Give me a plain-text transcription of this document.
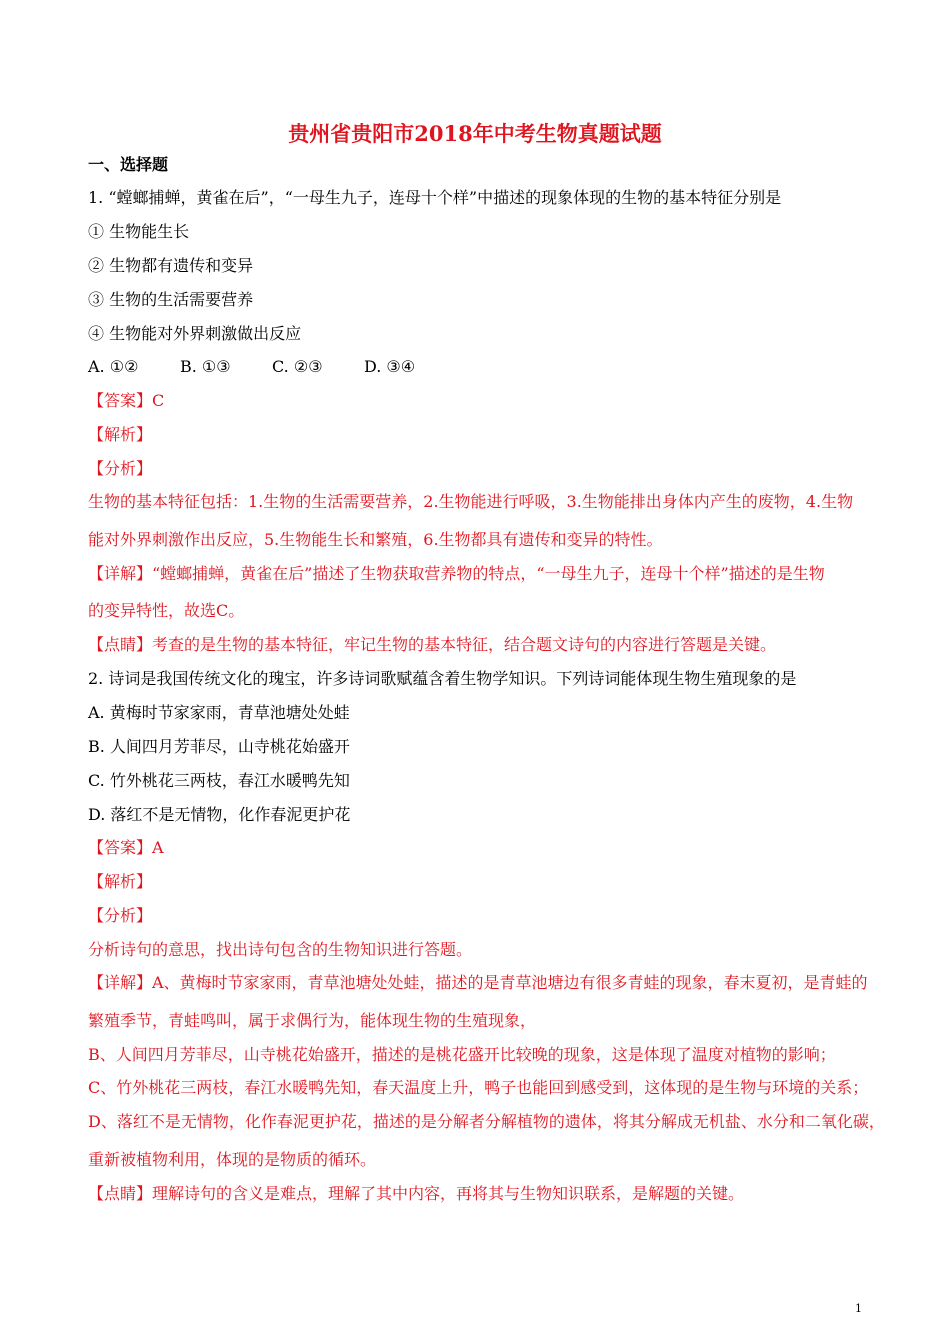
贵州省贵阳市2018年中考生物真题试题
一、选择题
1. “螳螂捕蝉，黄雀在后”，“一母生九子，连母十个样”中描述的现象体现的生物的基本特征分别是
① 生物能生长
② 生物都有遗传和变异
③ 生物的生活需要营养
④ 生物能对外界刺激做出反应
A. ①②	B. ①③	C. ②③	D. ③④
【答案】C
【解析】
【分析】
生物的基本特征包括：1.生物的生活需要营养，2.生物能进行呼吸，3.生物能排出身体内产生的废物，4.生物
能对外界刺激作出反应，5.生物能生长和繁殖，6.生物都具有遗传和变异的特性。
【详解】“螳螂捕蝉，黄雀在后”描述了生物获取营养物的特点，“一母生九子，连母十个样”描述的是生物
的变异特性，故选C。
【点睛】考查的是生物的基本特征，牢记生物的基本特征，结合题文诗句的内容进行答题是关键。
2. 诗词是我国传统文化的瑰宝，许多诗词歌赋蕴含着生物学知识。下列诗词能体现生物生殖现象的是
A. 黄梅时节家家雨，青草池塘处处蛙
B. 人间四月芳菲尽，山寺桃花始盛开
C. 竹外桃花三两枝，春江水暖鸭先知
D. 落红不是无情物，化作春泥更护花
【答案】A
【解析】
【分析】
分析诗句的意思，找出诗句包含的生物知识进行答题。
【详解】A、黄梅时节家家雨，青草池塘处处蛙，描述的是青草池塘边有很多青蛙的现象，春末夏初，是青蛙的
繁殖季节，青蛙鸣叫，属于求偶行为，能体现生物的生殖现象，
B、人间四月芳菲尽，山寺桃花始盛开，描述的是桃花盛开比较晚的现象，这是体现了温度对植物的影响；
C、竹外桃花三两枝，春江水暖鸭先知，春天温度上升，鸭子也能回到感受到，这体现的是生物与环境的关系；
D、落红不是无情物，化作春泥更护花，描述的是分解者分解植物的遗体，将其分解成无机盐、水分和二氧化碳，
重新被植物利用，体现的是物质的循环。
【点睛】理解诗句的含义是难点，理解了其中内容，再将其与生物知识联系，是解题的关键。
1
